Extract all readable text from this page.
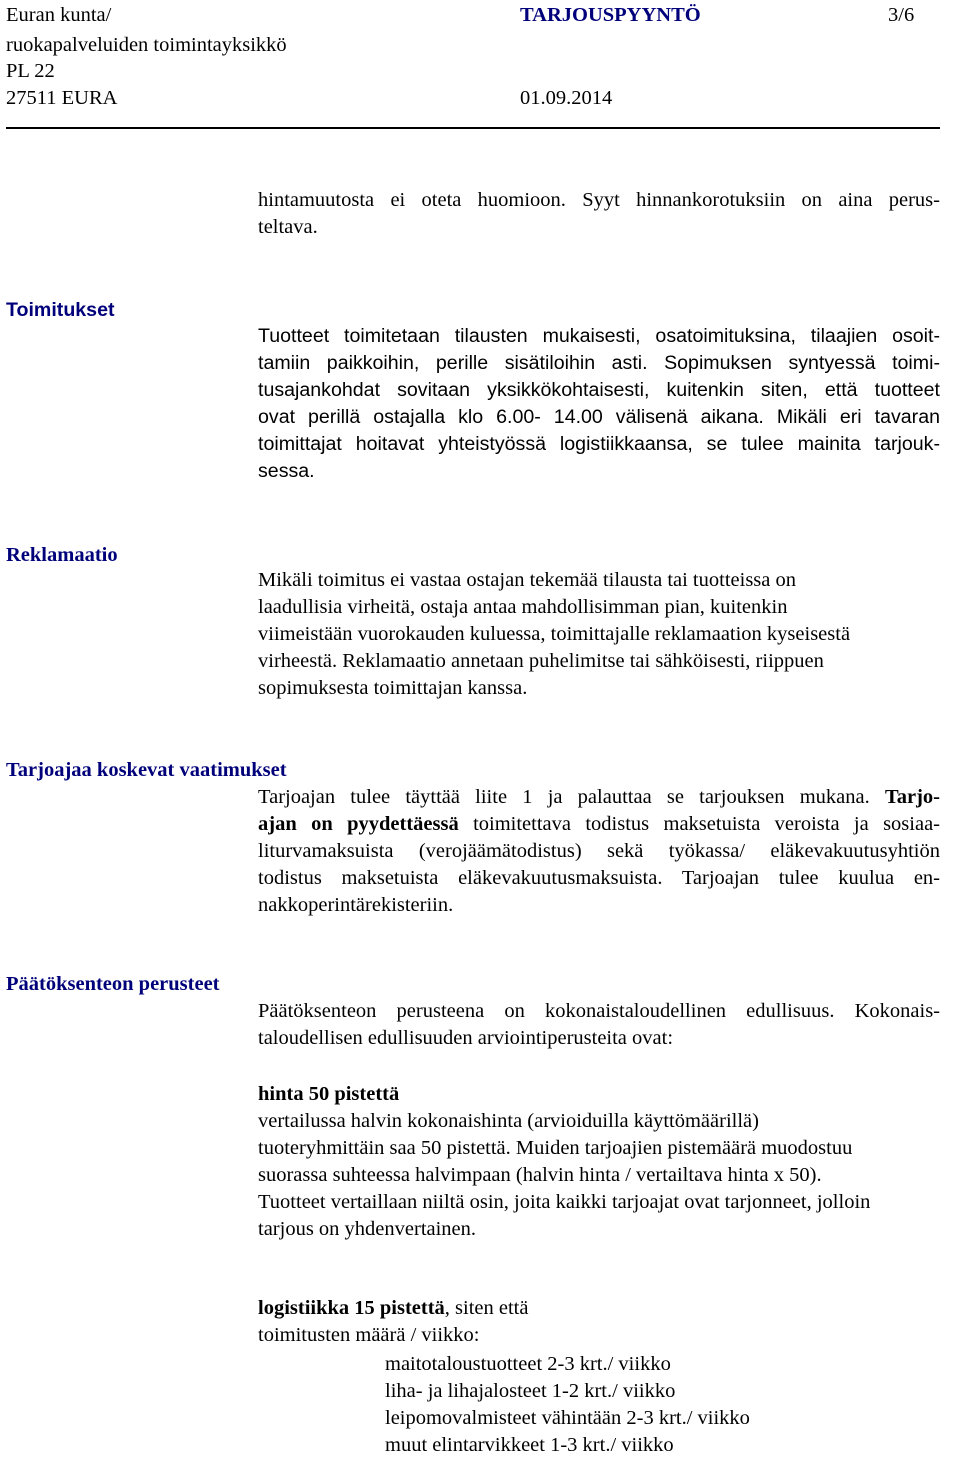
Euran kunta/
ruokapalveluiden toimintayksikkö
PL 22
27511 EURA
TARJOUSPYYNTÖ	3/6
01.09.2014
hintamuutosta ei oteta huomioon. Syyt hinnankorotuksiin on aina perus-
teltava.
Toimitukset
Tuotteet toimitetaan tilausten mukaisesti, osatoimituksina, tilaajien osoit-
tamiin paikkoihin, perille sisätiloihin asti. Sopimuksen syntyessä toimi-
tusajankohdat sovitaan yksikkökohtaisesti, kuitenkin siten, että tuotteet
ovat perillä ostajalla klo 6.00- 14.00 välisenä aikana. Mikäli eri tavaran
toimittajat hoitavat yhteistyössä logistiikkaansa, se tulee mainita tarjouk-
sessa.
Reklamaatio
Mikäli toimitus ei vastaa ostajan tekemää tilausta tai tuotteissa on
laadullisia virheitä, ostaja antaa mahdollisimman pian, kuitenkin
viimeistään vuorokauden kuluessa, toimittajalle reklamaation kyseisestä
virheestä. Reklamaatio annetaan puhelimitse tai sähköisesti, riippuen
sopimuksesta toimittajan kanssa.
Tarjoajaa koskevat vaatimukset
Tarjoajan tulee täyttää liite 1 ja palauttaa se tarjouksen mukana. Tarjo-
ajan on pyydettäessä toimitettava todistus maksetuista veroista ja sosiaa-
liturvamaksuista (verojäämätodistus) sekä työkassa/ eläkevakuutusyhtiön
todistus maksetuista eläkevakuutusmaksuista. Tarjoajan tulee kuulua en-
nakkoperintärekisteriin.
Päätöksenteon perusteet
Päätöksenteon perusteena on kokonaistaloudellinen edullisuus. Kokonais-
taloudellisen edullisuuden arviointiperusteita ovat:
hinta 50 pistettä
vertailussa halvin kokonaishinta (arvioiduilla käyttömäärillä)
tuoteryhmittäin saa 50 pistettä. Muiden tarjoajien pistemäärä muodostuu
suorassa suhteessa halvimpaan (halvin hinta / vertailtava hinta x 50).
Tuotteet vertaillaan niiltä osin, joita kaikki tarjoajat ovat tarjonneet, jolloin
tarjous on yhdenvertainen.
logistiikka 15 pistettä, siten että
toimitusten määrä / viikko:
maitotaloustuotteet 2-3 krt./ viikko
liha- ja lihajalosteet 1-2 krt./ viikko
leipomovalmisteet vähintään 2-3 krt./ viikko
muut elintarvikkeet 1-3 krt./ viikko
